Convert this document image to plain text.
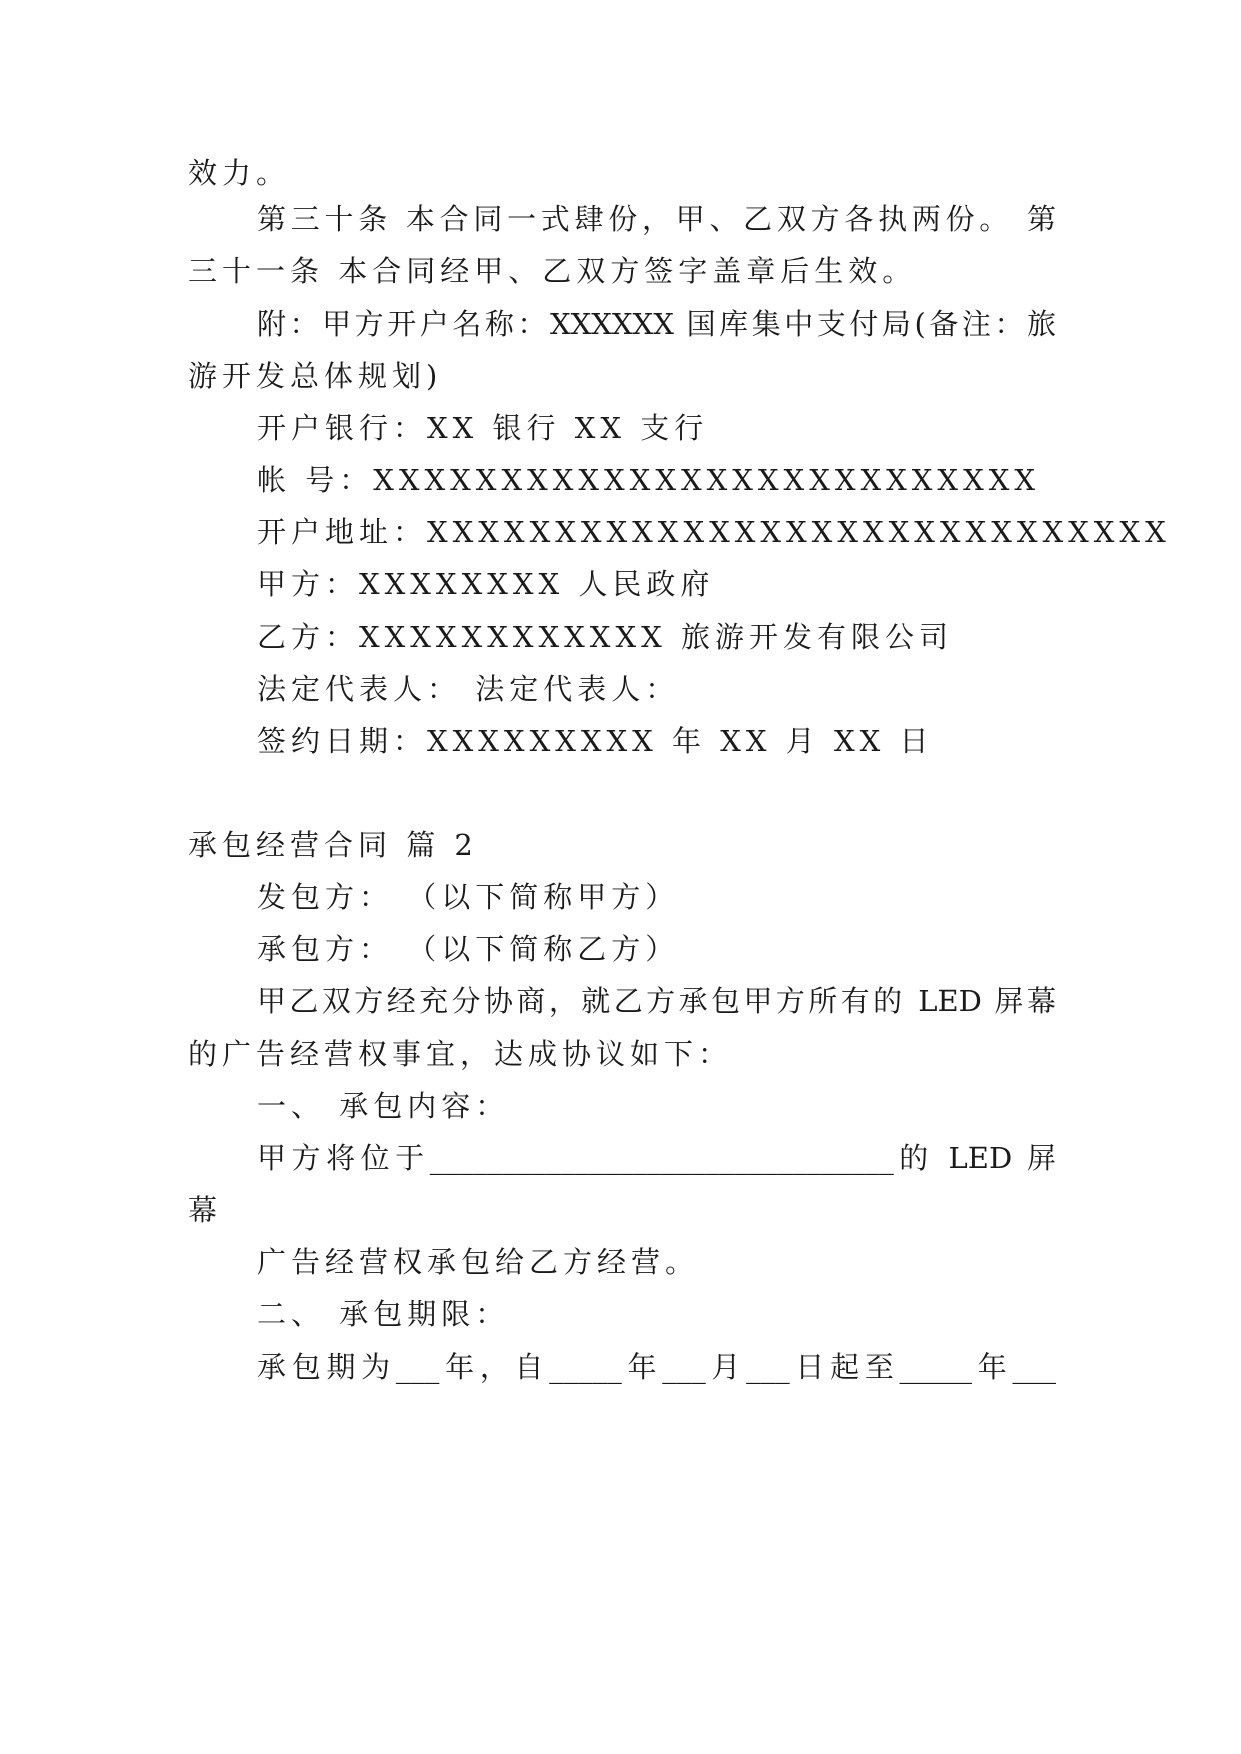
效力。
第三十条 本合同一式肆份，甲、乙双方各执两份。 第
三十一条 本合同经甲、乙双方签字盖章后生效。
附：甲方开户名称：XXXXXX 国库集中支付局(备注：旅
游开发总体规划)
开户银行：XX 银行 XX 支行
帐 号：XXXXXXXXXXXXXXXXXXXXXXXXXX
开户地址：XXXXXXXXXXXXXXXXXXXXXXXXXXXXX
甲方：XXXXXXXX 人民政府
乙方：XXXXXXXXXXXX 旅游开发有限公司
法定代表人： 法定代表人：
签约日期：XXXXXXXXX 年 XX 月 XX 日
承包经营合同 篇 2
发包方： （以下简称甲方）
承包方： （以下简称乙方）
甲乙双方经充分协商，就乙方承包甲方所有的 LED 屏幕
的广告经营权事宜，达成协议如下：
一、 承包内容：
甲方将位于________________________________的 LED 屏
幕
广告经营权承包给乙方经营。
二、 承包期限：
承包期为___年，自_____年___月___日起至_____年___
